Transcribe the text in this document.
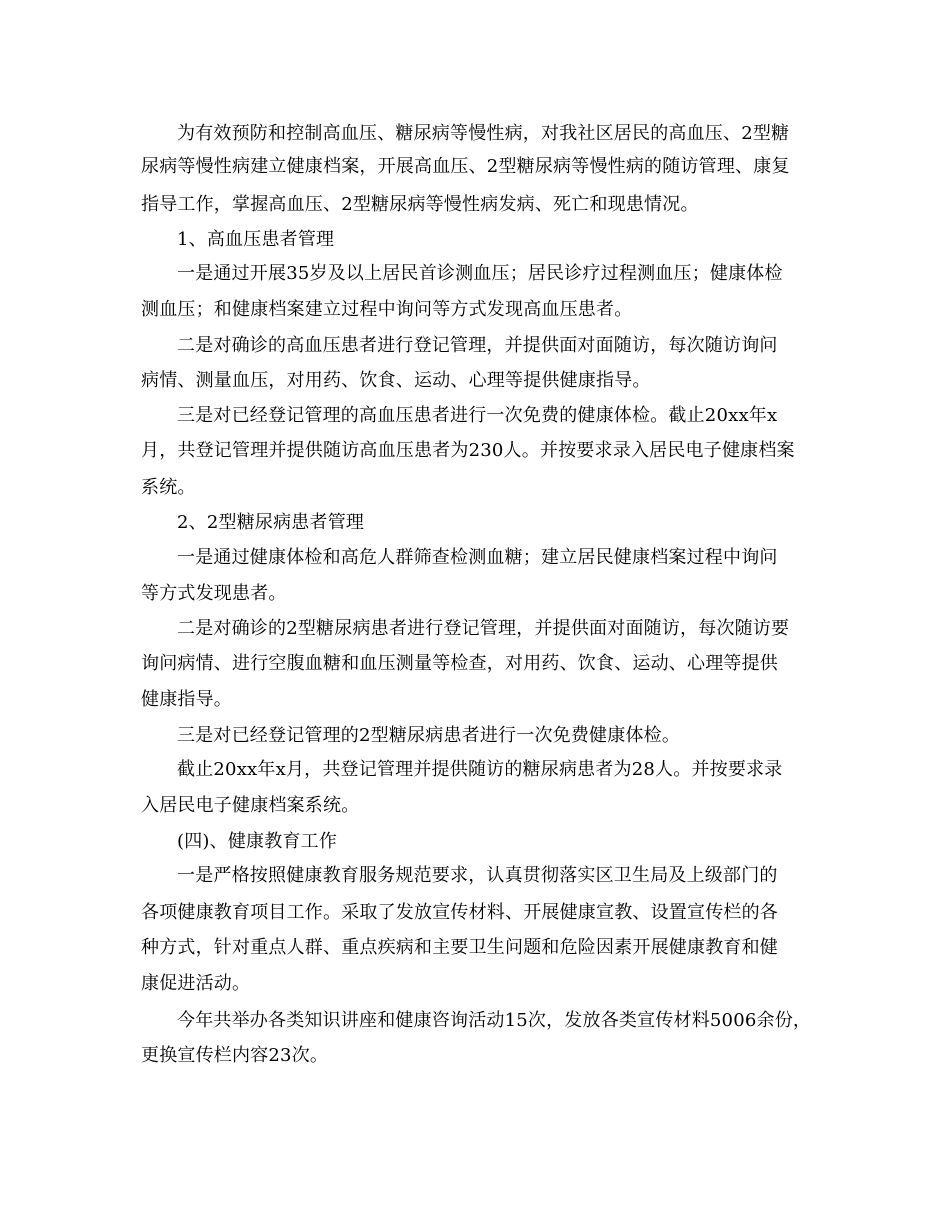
为有效预防和控制高血压、糖尿病等慢性病，对我社区居民的高血压、2型糖
尿病等慢性病建立健康档案，开展高血压、2型糖尿病等慢性病的随访管理、康复
指导工作，掌握高血压、2型糖尿病等慢性病发病、死亡和现患情况。
1、高血压患者管理
一是通过开展35岁及以上居民首诊测血压；居民诊疗过程测血压；健康体检
测血压；和健康档案建立过程中询问等方式发现高血压患者。
二是对确诊的高血压患者进行登记管理，并提供面对面随访，每次随访询问
病情、测量血压，对用药、饮食、运动、心理等提供健康指导。
三是对已经登记管理的高血压患者进行一次免费的健康体检。截止20xx年x
月，共登记管理并提供随访高血压患者为230人。并按要求录入居民电子健康档案
系统。
2、2型糖尿病患者管理
一是通过健康体检和高危人群筛查检测血糖；建立居民健康档案过程中询问
等方式发现患者。
二是对确诊的2型糖尿病患者进行登记管理，并提供面对面随访，每次随访要
询问病情、进行空腹血糖和血压测量等检查，对用药、饮食、运动、心理等提供
健康指导。
三是对已经登记管理的2型糖尿病患者进行一次免费健康体检。
截止20xx年x月，共登记管理并提供随访的糖尿病患者为28人。并按要求录
入居民电子健康档案系统。
(四)、健康教育工作
一是严格按照健康教育服务规范要求，认真贯彻落实区卫生局及上级部门的
各项健康教育项目工作。采取了发放宣传材料、开展健康宣教、设置宣传栏的各
种方式，针对重点人群、重点疾病和主要卫生问题和危险因素开展健康教育和健
康促进活动。
今年共举办各类知识讲座和健康咨询活动15次，发放各类宣传材料5006余份，
更换宣传栏内容23次。
